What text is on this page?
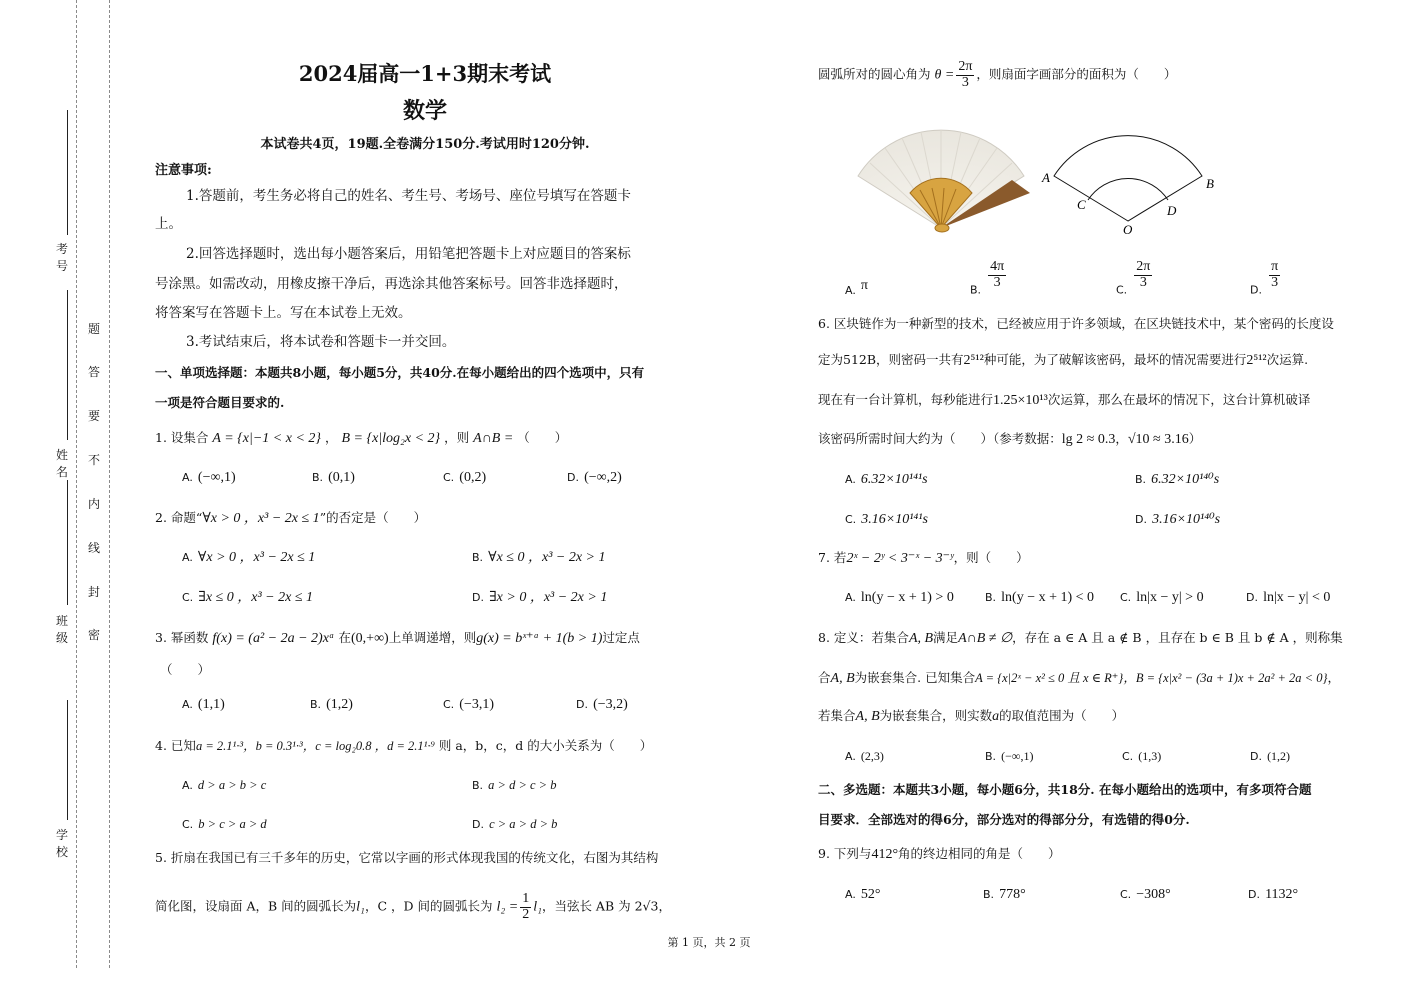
考号
姓名
班级
学校
密
封
线
内
不
要
答
题
2024届高一1+3期末考试
数学
本试卷共4页，19题.全卷满分150分.考试用时120分钟.
注意事项:
1.答题前，考生务必将自己的姓名、考生号、考场号、座位号填写在答题卡
上。
2.回答选择题时，选出每小题答案后，用铅笔把答题卡上对应题目的答案标
号涂黑。如需改动，用橡皮擦干净后，再选涂其他答案标号。回答非选择题时，
将答案写在答题卡上。写在本试卷上无效。
3.考试结束后，将本试卷和答题卡一并交回。
一、单项选择题：本题共8小题，每小题5分，共40分.在每小题给出的四个选项中，只有
一项是符合题目要求的.
1. 设集合 A = {x|−1 < x < 2} ， B = {x|log₂x < 2} ，则 A∩B = （　　）
A. (−∞,1)	B. (0,1)	C. (0,2)	D. (−∞,2)
2. 命题“∀x > 0 ，x³ − 2x ≤ 1”的否定是（　　）
A. ∀x > 0 ，x³ − 2x ≤ 1	B. ∀x ≤ 0 ，x³ − 2x > 1
C. ∃x ≤ 0 ，x³ − 2x ≤ 1	D. ∃x > 0 ，x³ − 2x > 1
3. 幂函数 f(x) = (a² − 2a − 2)xᵃ 在(0,+∞)上单调递增，则g(x) = bˣ⁺ᵃ + 1(b > 1)过定点
（　　）
A. (1,1)	B. (1,2)	C. (−3,1)	D. (−3,2)
4. 已知a = 2.1¹·³，b = 0.3¹·³，c = log₂0.8 ，d = 2.1¹·⁹ 则 a，b，c，d 的大小关系为（　　）
A. d > a > b > c	B. a > d > c > b
C. b > c > a > d	D. c > a > d > b
5. 折扇在我国已有三千多年的历史，它常以字画的形式体现我国的传统文化，右图为其结构
简化图，设扇面 A，B 间的圆弧长为l₁，C ，D 间的圆弧长为 $l_2 = \frac{1}{2} l_1$，当弦长 AB 为 2√3，
圆弧所对的圆心角为 $\theta = \frac{2\pi}{3}$ ，则扇面字画部分的面积为（　　）
A	B
C	D
O
A. π	$_{B.} \frac{4\pi}{3}$	$_{C.} \frac{2\pi}{3}$	$_{D.} \frac{\pi}{3}$
6. 区块链作为一种新型的技术，已经被应用于许多领域，在区块链技术中，某个密码的长度设
定为512B，则密码一共有2⁵¹²种可能，为了破解该密码，最坏的情况需要进行2⁵¹²次运算.
现在有一台计算机，每秒能进行1.25×10¹³次运算，那么在最坏的情况下，这台计算机破译
该密码所需时间大约为（　　）（参考数据：lg 2 ≈ 0.3，√10 ≈ 3.16）
A. 6.32×10¹⁴¹s	B. 6.32×10¹⁴⁰s
C. 3.16×10¹⁴¹s	D. 3.16×10¹⁴⁰s
7. 若2ˣ − 2ʸ < 3⁻ˣ − 3⁻ʸ，则（　　）
A. ln(y − x + 1) > 0	B. ln(y − x + 1) < 0 C. ln|x − y| > 0	D. ln|x − y| < 0
8. 定义：若集合A, B满足A∩B ≠ ∅，存在 a ∈ A 且 a ∉ B ，且存在 b ∈ B 且 b ∉ A ，则称集
合A, B为嵌套集合. 已知集合A = {x|2ˣ − x² ≤ 0 且 x ∈ R⁺}，B = {x|x² − (3a + 1)x + 2a² + 2a < 0}，
若集合A, B为嵌套集合，则实数a的取值范围为（　　）
A. (2,3)	B. (−∞,1)	C. (1,3)	D. (1,2)
二、多选题：本题共3小题，每小题6分，共18分. 在每小题给出的选项中，有多项符合题
目要求．全部选对的得6分，部分选对的得部分分，有选错的得0分.
9. 下列与412°角的终边相同的角是（　　）
A. 52°	B. 778°	C. −308°	D. 1132°
第 1 页，共 2 页
